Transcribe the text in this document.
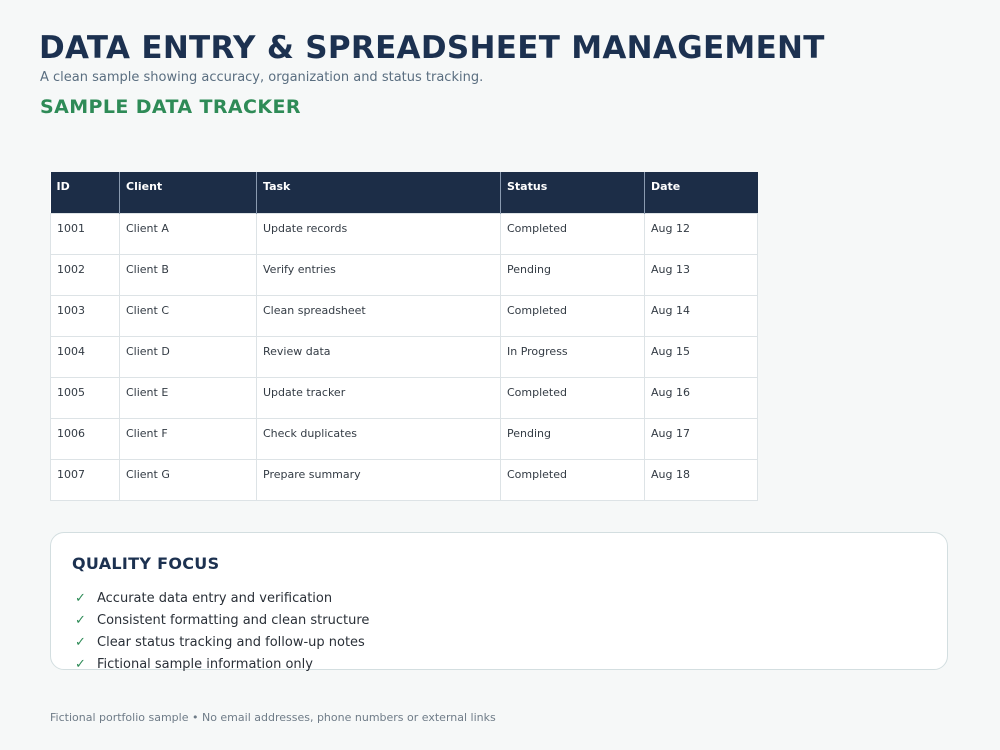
DATA ENTRY & SPREADSHEET MANAGEMENT

A clean sample showing accuracy, organization and status tracking.

SAMPLE DATA TRACKER
ID	Client	Task	Status	Date
1001	Client A	Update records	Completed	Aug 12
1002	Client B	Verify entries	Pending	Aug 13
1003	Client C	Clean spreadsheet	Completed	Aug 14
1004	Client D	Review data	In Progress	Aug 15
1005	Client E	Update tracker	Completed	Aug 16
1006	Client F	Check duplicates	Pending	Aug 17
1007	Client G	Prepare summary	Completed	Aug 18
QUALITY FOCUS
✓ Accurate data entry and verification
✓ Consistent formatting and clean structure
✓ Clear status tracking and follow-up notes
✓ Fictional sample information only

Fictional portfolio sample • No email addresses, phone numbers or external links
